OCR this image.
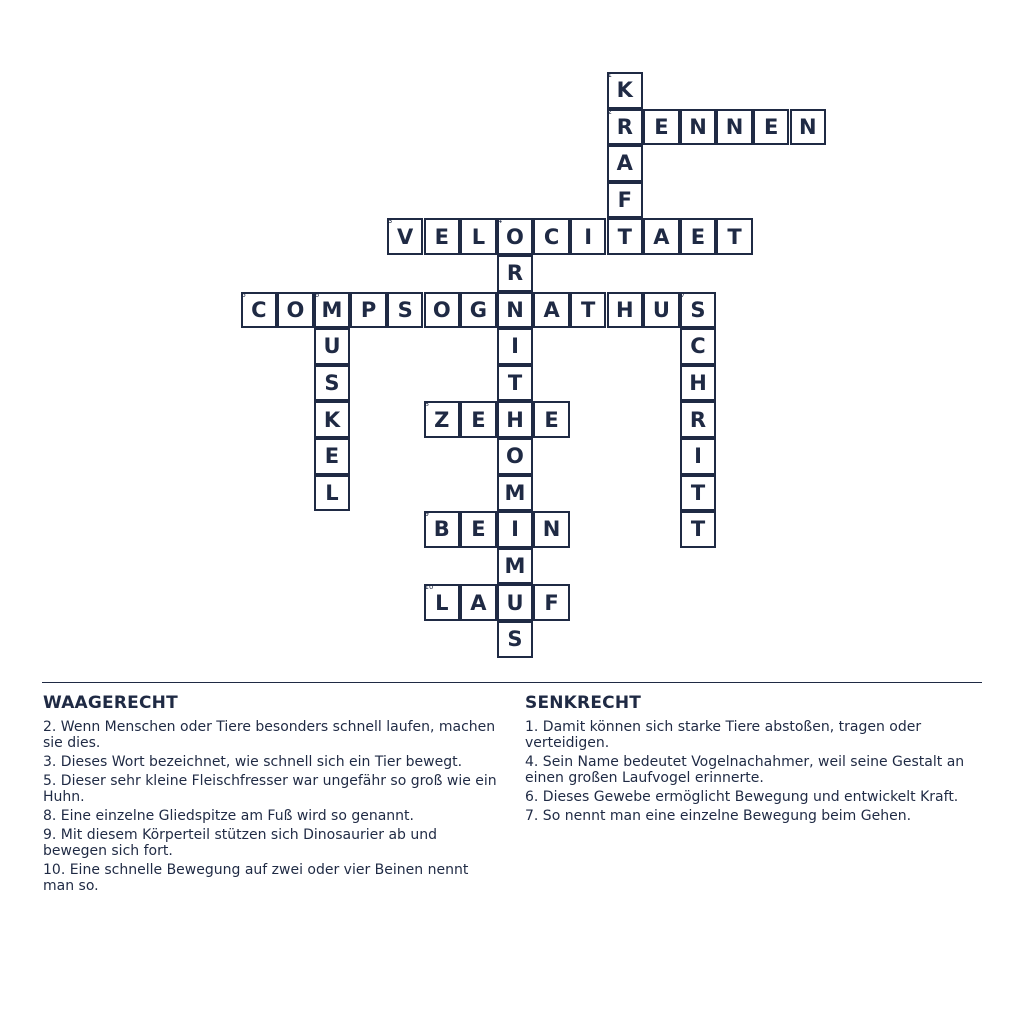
K
1
R
2
A
F
T
E N N E N
V
3
E	L O
4
C	I	A	E	T
R
N
I
T
H
O
M
I
M
U
S
C
5
O M
6
P	S O G	A	T H U S
7
U
S
K
E
L
C
H
R
I
T
T
Z
8
E	E
B
9
E	N
L
10
A	F
WAAGERECHT
2. Wenn Menschen oder Tiere besonders schnell laufen, machen sie dies.
3. Dieses Wort bezeichnet, wie schnell sich ein Tier bewegt.
5. Dieser sehr kleine Fleischfresser war ungefähr so groß wie ein Huhn.
8. Eine einzelne Gliedspitze am Fuß wird so genannt.
9. Mit diesem Körperteil stützen sich Dinosaurier ab und bewegen sich fort.
10. Eine schnelle Bewegung auf zwei oder vier Beinen nennt man so.
SENKRECHT
1. Damit können sich starke Tiere abstoßen, tragen oder verteidigen.
4. Sein Name bedeutet Vogelnachahmer, weil seine Gestalt an einen großen Laufvogel erinnerte.
6. Dieses Gewebe ermöglicht Bewegung und entwickelt Kraft.
7. So nennt man eine einzelne Bewegung beim Gehen.
